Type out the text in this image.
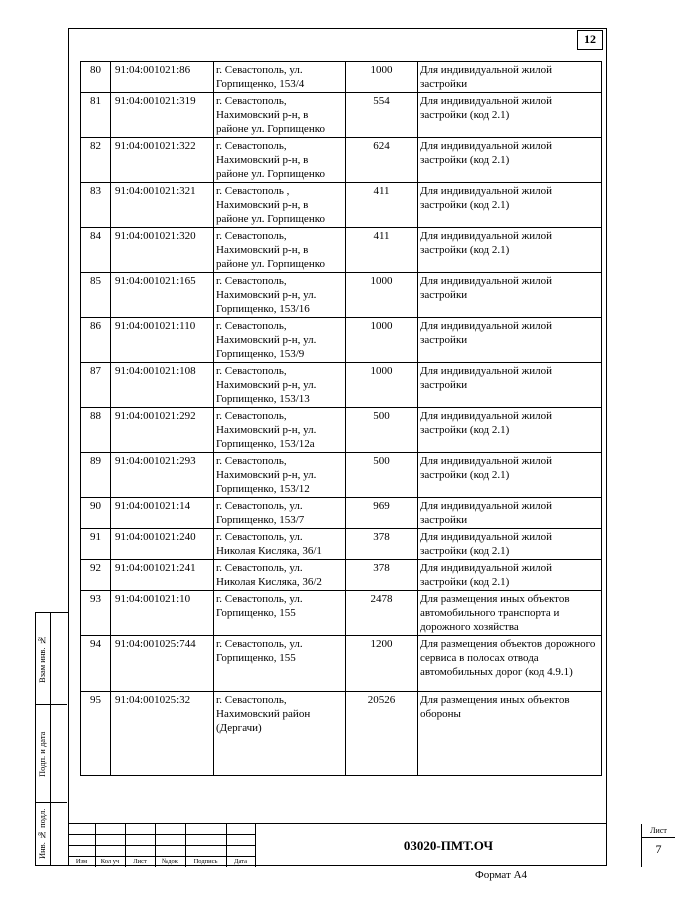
12
80	91:04:001021:86	г. Севастополь, ул. Горпищенко, 153/4	1000	Для индивидуальной жилой застройки
81	91:04:001021:319	г. Севастополь, Нахимовский р-н, в районе ул. Горпищенко	554	Для индивидуальной жилой застройки (код 2.1)
82	91:04:001021:322	г. Севастополь, Нахимовский р-н, в районе ул. Горпищенко	624	Для индивидуальной жилой застройки (код 2.1)
83	91:04:001021:321	г. Севастополь , Нахимовский р-н, в районе ул. Горпищенко	411	Для индивидуальной жилой застройки (код 2.1)
84	91:04:001021:320	г. Севастополь, Нахимовский р-н, в районе ул. Горпищенко	411	Для индивидуальной жилой застройки (код 2.1)
85	91:04:001021:165	г. Севастополь, Нахимовский р-н, ул. Горпищенко, 153/16	1000	Для индивидуальной жилой застройки
86	91:04:001021:110	г. Севастополь, Нахимовский р-н, ул. Горпищенко, 153/9	1000	Для индивидуальной жилой застройки
87	91:04:001021:108	г. Севастополь, Нахимовский р-н, ул. Горпищенко, 153/13	1000	Для индивидуальной жилой застройки
88	91:04:001021:292	г. Севастополь, Нахимовский р-н, ул. Горпищенко, 153/12а	500	Для индивидуальной жилой застройки (код 2.1)
89	91:04:001021:293	г. Севастополь, Нахимовский р-н, ул. Горпищенко, 153/12	500	Для индивидуальной жилой застройки (код 2.1)
90	91:04:001021:14	г. Севастополь, ул. Горпищенко, 153/7	969	Для индивидуальной жилой застройки
91	91:04:001021:240	г. Севастополь, ул. Николая Кисляка, 36/1	378	Для индивидуальной жилой застройки (код 2.1)
92	91:04:001021:241	г. Севастополь, ул. Николая Кисляка, 36/2	378	Для индивидуальной жилой застройки (код 2.1)
93	91:04:001021:10	г. Севастополь, ул. Горпищенко, 155	2478	Для размещения иных объектов автомобильного транспорта и дорожного хозяйства
94	91:04:001025:744	г. Севастополь, ул. Горпищенко, 155	1200	Для размещения объектов дорожного сервиса в полосах отвода автомобильных дорог (код 4.9.1)
95	91:04:001025:32	г. Севастополь, Нахимовский район (Дергачи)	20526	Для размещения иных объектов обороны
Взам инв. №
Подп. и дата
Инв. № подл.
Изм	Кол уч	Лист	№док	Подпись	Дата
03020-ПМТ.ОЧ
Лист
7
Формат А4
